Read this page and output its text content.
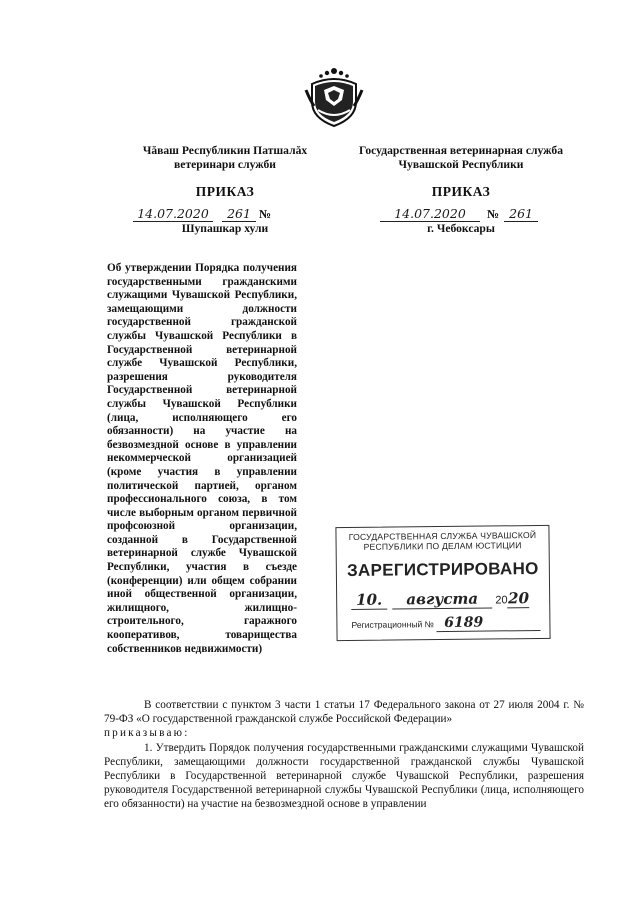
Чăваш Республикин Патшалăх
ветеринари служби
ПРИКАЗ
14.07.2020 261 №
Шупашкар хули
Государственная ветеринарная служба
Чувашской Республики
ПРИКАЗ
14.07.2020 № 261
г. Чебоксары
Об утверждении Порядка получения государственными гражданскими служащими Чувашской Республики, замещающими должности государственной гражданской службы Чувашской Республики в Государственной ветеринарной службе Чувашской Республики, разрешения руководителя Государственной ветеринарной службы Чувашской Республики (лица, исполняющего его обязанности) на участие на безвозмездной основе в управлении некоммерческой организацией (кроме участия в управлении политической партией, органом профессионального союза, в том числе выборным органом первичной профсоюзной организации, созданной в Государственной ветеринарной службе Чувашской Республики, участия в съезде (конференции) или общем собрании иной общественной организации, жилищного, жилищно-строительного, гаражного кооперативов, товарищества собственников недвижимости)
ГОСУДАРСТВЕННАЯ СЛУЖБА ЧУВАШСКОЙ
РЕСПУБЛИКИ ПО ДЕЛАМ ЮСТИЦИИ
ЗАРЕГИСТРИРОВАНО
10. августа 2020
Регистрационный № 6189

В соответствии с пунктом 3 части 1 статьи 17 Федерального закона от 27 июля 2004 г. № 79-ФЗ «О государственной гражданской службе Российской Федерации»

приказываю:

1. Утвердить Порядок получения государственными гражданскими служащими Чувашской Республики, замещающими должности государственной гражданской службы Чувашской Республики в Государственной ветеринарной службе Чувашской Республики, разрешения руководителя Государственной ветеринарной службы Чувашской Республики (лица, исполняющего его обязанности) на участие на безвозмездной основе в управлении
